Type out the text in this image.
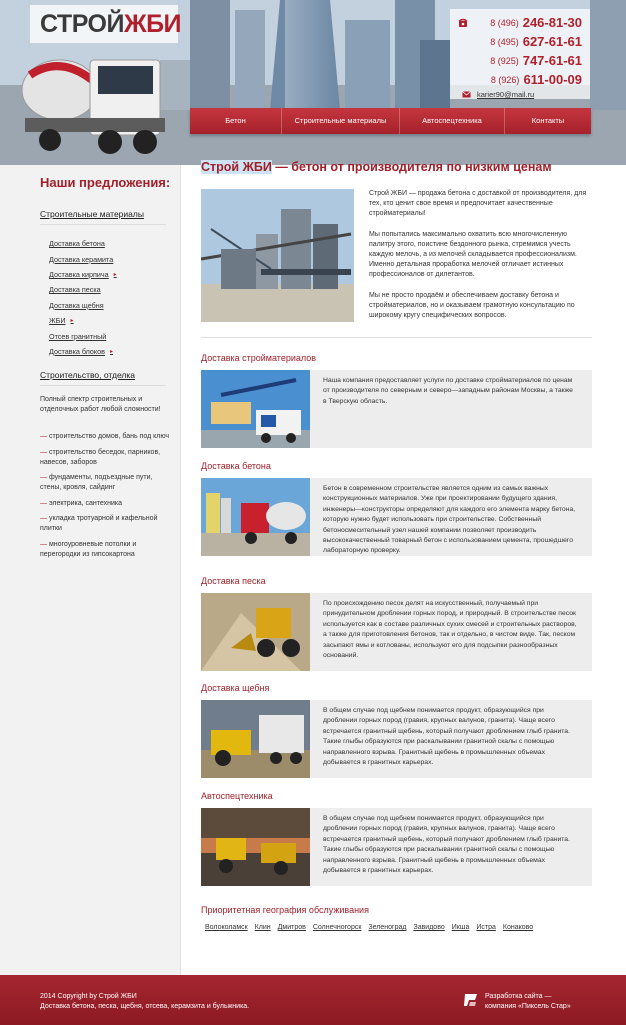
СТРОЙЖБИ	8 (496) 246-81-30
8 (495) 627-61-61
8 (925) 747-61-61
8 (926) 611-00-09
karier90@mail.ru
Бетон	Строительные материалы	Автоспецтехника	Контакты
Наши предложения:
Строительные материалы
Доставка бетона
Доставка керамита
Доставка кирпича ▸
Доставка песка
Доставка щебня
ЖБИ ▸
Отсев гранитный
Доставка блоков ▸
Строительство, отделка
Полный спектр строительных и отделочных работ любой сложности!
— строительство домов, бань под ключ
— строительство беседок, парников, навесов, заборов
— фундаменты, подъездные пути, стены, кровля, сайдинг
— электрика, сантехника
— укладка тротуарной и кафельной плитки
— многоуровневые потолки и перегородки из гипсокартона
Строй ЖБИ — бетон от производителя по низким ценам

Строй ЖБИ — продажа бетона с доставкой от производителя, для тех, кто ценит свое время и предпочитает качественные стройматериалы!

Мы попытались максимально охватить всю многочисленную палитру этого, поистине бездонного рынка, стремимся учесть каждую мелочь, а из мелочей складывается профессионализм. Именно детальная проработка мелочей отличает истинных профессионалов от дилетантов.

Мы не просто продаём и обеспечиваем доставку бетона и стройматериалов, но и оказываем грамотную консультацию по широкому кругу специфических вопросов.

Доставка стройматериалов
Наша компания предоставляет услуги по доставке стройматериалов по ценам от производителя по северным и северо—западным районам Москвы, а также в Тверскую область.
Доставка бетона
Бетон в современном строительстве является одним из самых важных конструкционных материалов. Уже при проектировании будущего здания, инженеры—конструкторы определяют для каждого его элемента марку бетона, которую нужно будет использовать при строительстве. Собственный бетоносмесительный узел нашей компании позволяет производить высококачественный товарный бетон с использованием цемента, прошедшего лабораторную проверку.
Доставка песка
По происхождению песок делят на искусственный, получаемый при принудительном дроблении горных пород, и природный. В строительстве песок используется как в составе различных сухих смесей и строительных растворов, а также для приготовления бетонов, так и отдельно, в чистом виде. Так, песком засыпают ямы и котлованы, используют его для подсыпки разнообразных оснований.
Доставка щебня
В общем случае под щебнем понимается продукт, образующийся при дроблении горных пород (гравия, крупных валунов, гранита). Чаще всего встречается гранитный щебень, который получают дроблением глыб гранита. Такие глыбы образуются при раскалывании гранитной скалы с помощью направленного взрыва. Гранитный щебень в промышленных объемах добывается в гранитных карьерах.
Автоспецтехника
В общем случае под щебнем понимается продукт, образующийся при дроблении горных пород (гравия, крупных валунов, гранита). Чаще всего встречается гранитный щебень, который получают дроблением глыб гранита. Такие глыбы образуются при раскалывании гранитной скалы с помощью направленного взрыва. Гранитный щебень в промышленных объемах добывается в гранитных карьерах.
Приоритетная география обслуживания
Волоколамск Клин Дмитров Солнечногорск Зеленоград Завидово Икша Истра Конаково
2014 Copyright by Строй ЖБИ
Доставка бетона, песка, щебня, отсева, керамзита и бульжника.
Разработка сайта —
компания «Пиксель Стар»
